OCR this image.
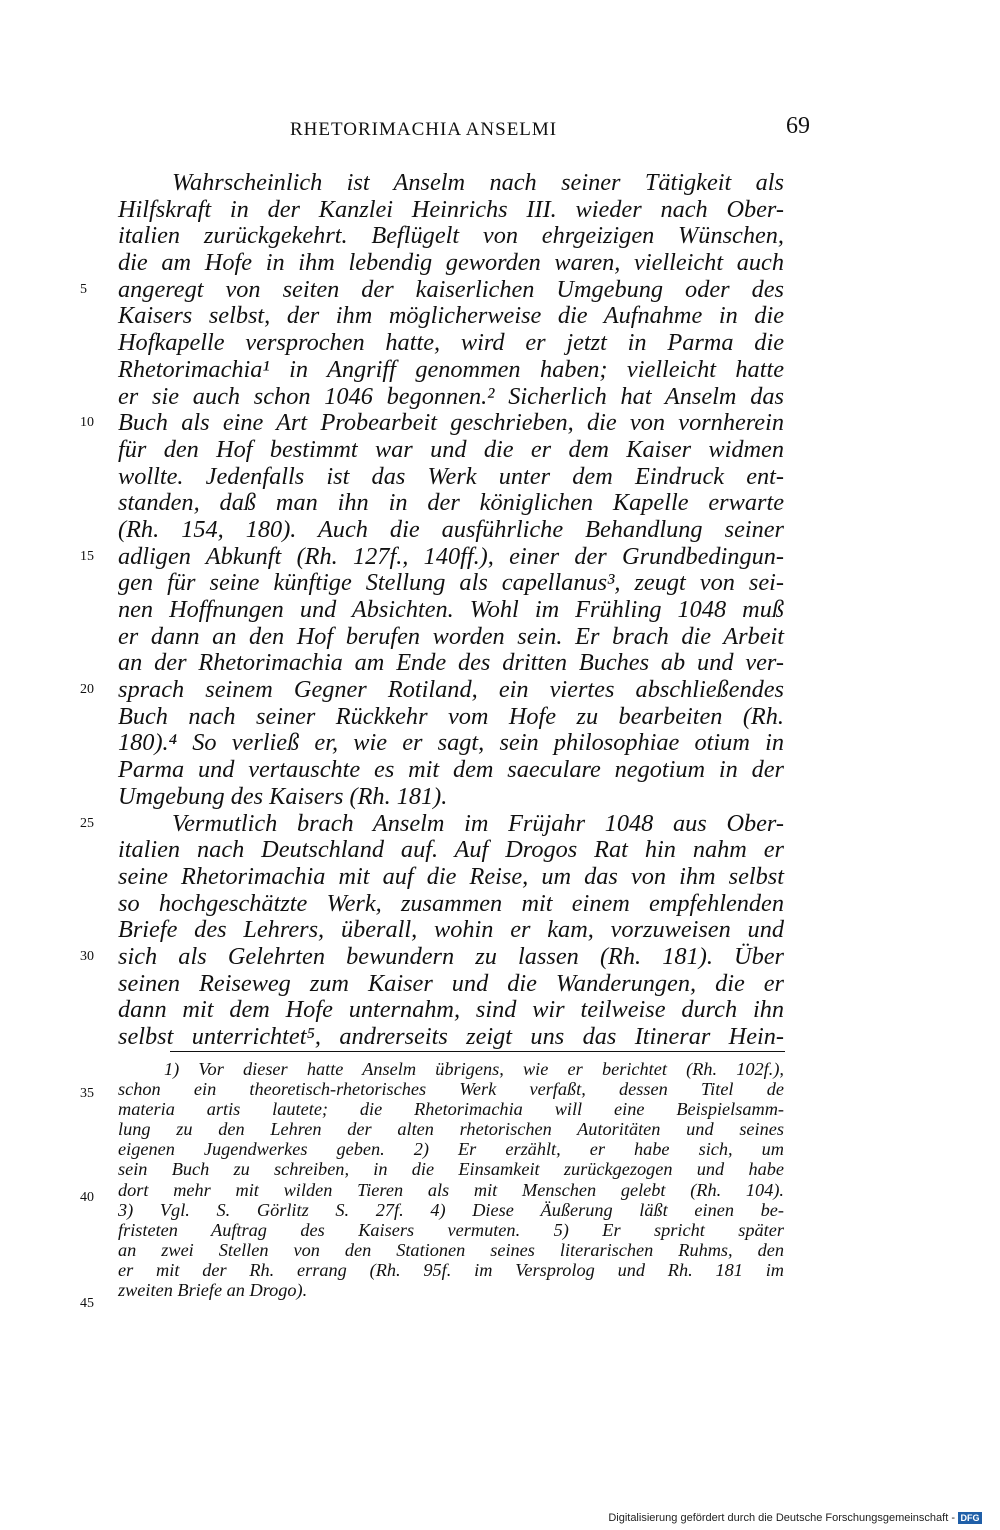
RHETORIMACHIA ANSELMI	69
Wahrscheinlich ist Anselm nach seiner Tätigkeit als
Hilfskraft in der Kanzlei Heinrichs III. wieder nach Ober-
italien zurückgekehrt. Beflügelt von ehrgeizigen Wünschen,
die am Hofe in ihm lebendig geworden waren, vielleicht auch
angeregt von seiten der kaiserlichen Umgebung oder des
Kaisers selbst, der ihm möglicherweise die Aufnahme in die
Hofkapelle versprochen hatte, wird er jetzt in Parma die
Rhetorimachia¹ in Angriff genommen haben; vielleicht hatte
er sie auch schon 1046 begonnen.² Sicherlich hat Anselm das
Buch als eine Art Probearbeit geschrieben, die von vornherein
für den Hof bestimmt war und die er dem Kaiser widmen
wollte. Jedenfalls ist das Werk unter dem Eindruck ent-
standen, daß man ihn in der königlichen Kapelle erwarte
(Rh. 154, 180). Auch die ausführliche Behandlung seiner
adligen Abkunft (Rh. 127f., 140ff.), einer der Grundbedingun-
gen für seine künftige Stellung als capellanus³, zeugt von sei-
nen Hoffnungen und Absichten. Wohl im Frühling 1048 muß
er dann an den Hof berufen worden sein. Er brach die Arbeit
an der Rhetorimachia am Ende des dritten Buches ab und ver-
sprach seinem Gegner Rotiland, ein viertes abschließendes
Buch nach seiner Rückkehr vom Hofe zu bearbeiten (Rh.
180).⁴ So verließ er, wie er sagt, sein philosophiae otium in
Parma und vertauschte es mit dem saeculare negotium in der
Umgebung des Kaisers (Rh. 181).
Vermutlich brach Anselm im Früjahr 1048 aus Ober-
italien nach Deutschland auf. Auf Drogos Rat hin nahm er
seine Rhetorimachia mit auf die Reise, um das von ihm selbst
so hochgeschätzte Werk, zusammen mit einem empfehlenden
Briefe des Lehrers, überall, wohin er kam, vorzuweisen und
sich als Gelehrten bewundern zu lassen (Rh. 181). Über
seinen Reiseweg zum Kaiser und die Wanderungen, die er
dann mit dem Hofe unternahm, sind wir teilweise durch ihn
selbst unterrichtet⁵, andrerseits zeigt uns das Itinerar Hein-
5
10
15
20
25
30
1) Vor dieser hatte Anselm übrigens, wie er berichtet (Rh. 102f.),
schon ein theoretisch-rhetorisches Werk verfaßt, dessen Titel de
materia artis lautete; die Rhetorimachia will eine Beispielsamm-
lung zu den Lehren der alten rhetorischen Autoritäten und seines
eigenen Jugendwerkes geben. 2) Er erzählt, er habe sich, um
sein Buch zu schreiben, in die Einsamkeit zurückgezogen und habe
dort mehr mit wilden Tieren als mit Menschen gelebt (Rh. 104).
3) Vgl. S. Görlitz S. 27f. 4) Diese Äußerung läßt einen be-
fristeten Auftrag des Kaisers vermuten. 5) Er spricht später
an zwei Stellen von den Stationen seines literarischen Ruhms, den
er mit der Rh. errang (Rh. 95f. im Versprolog und Rh. 181 im
zweiten Briefe an Drogo).
35
40
45
Digitalisierung gefördert durch die Deutsche Forschungsgemeinschaft - DFG
